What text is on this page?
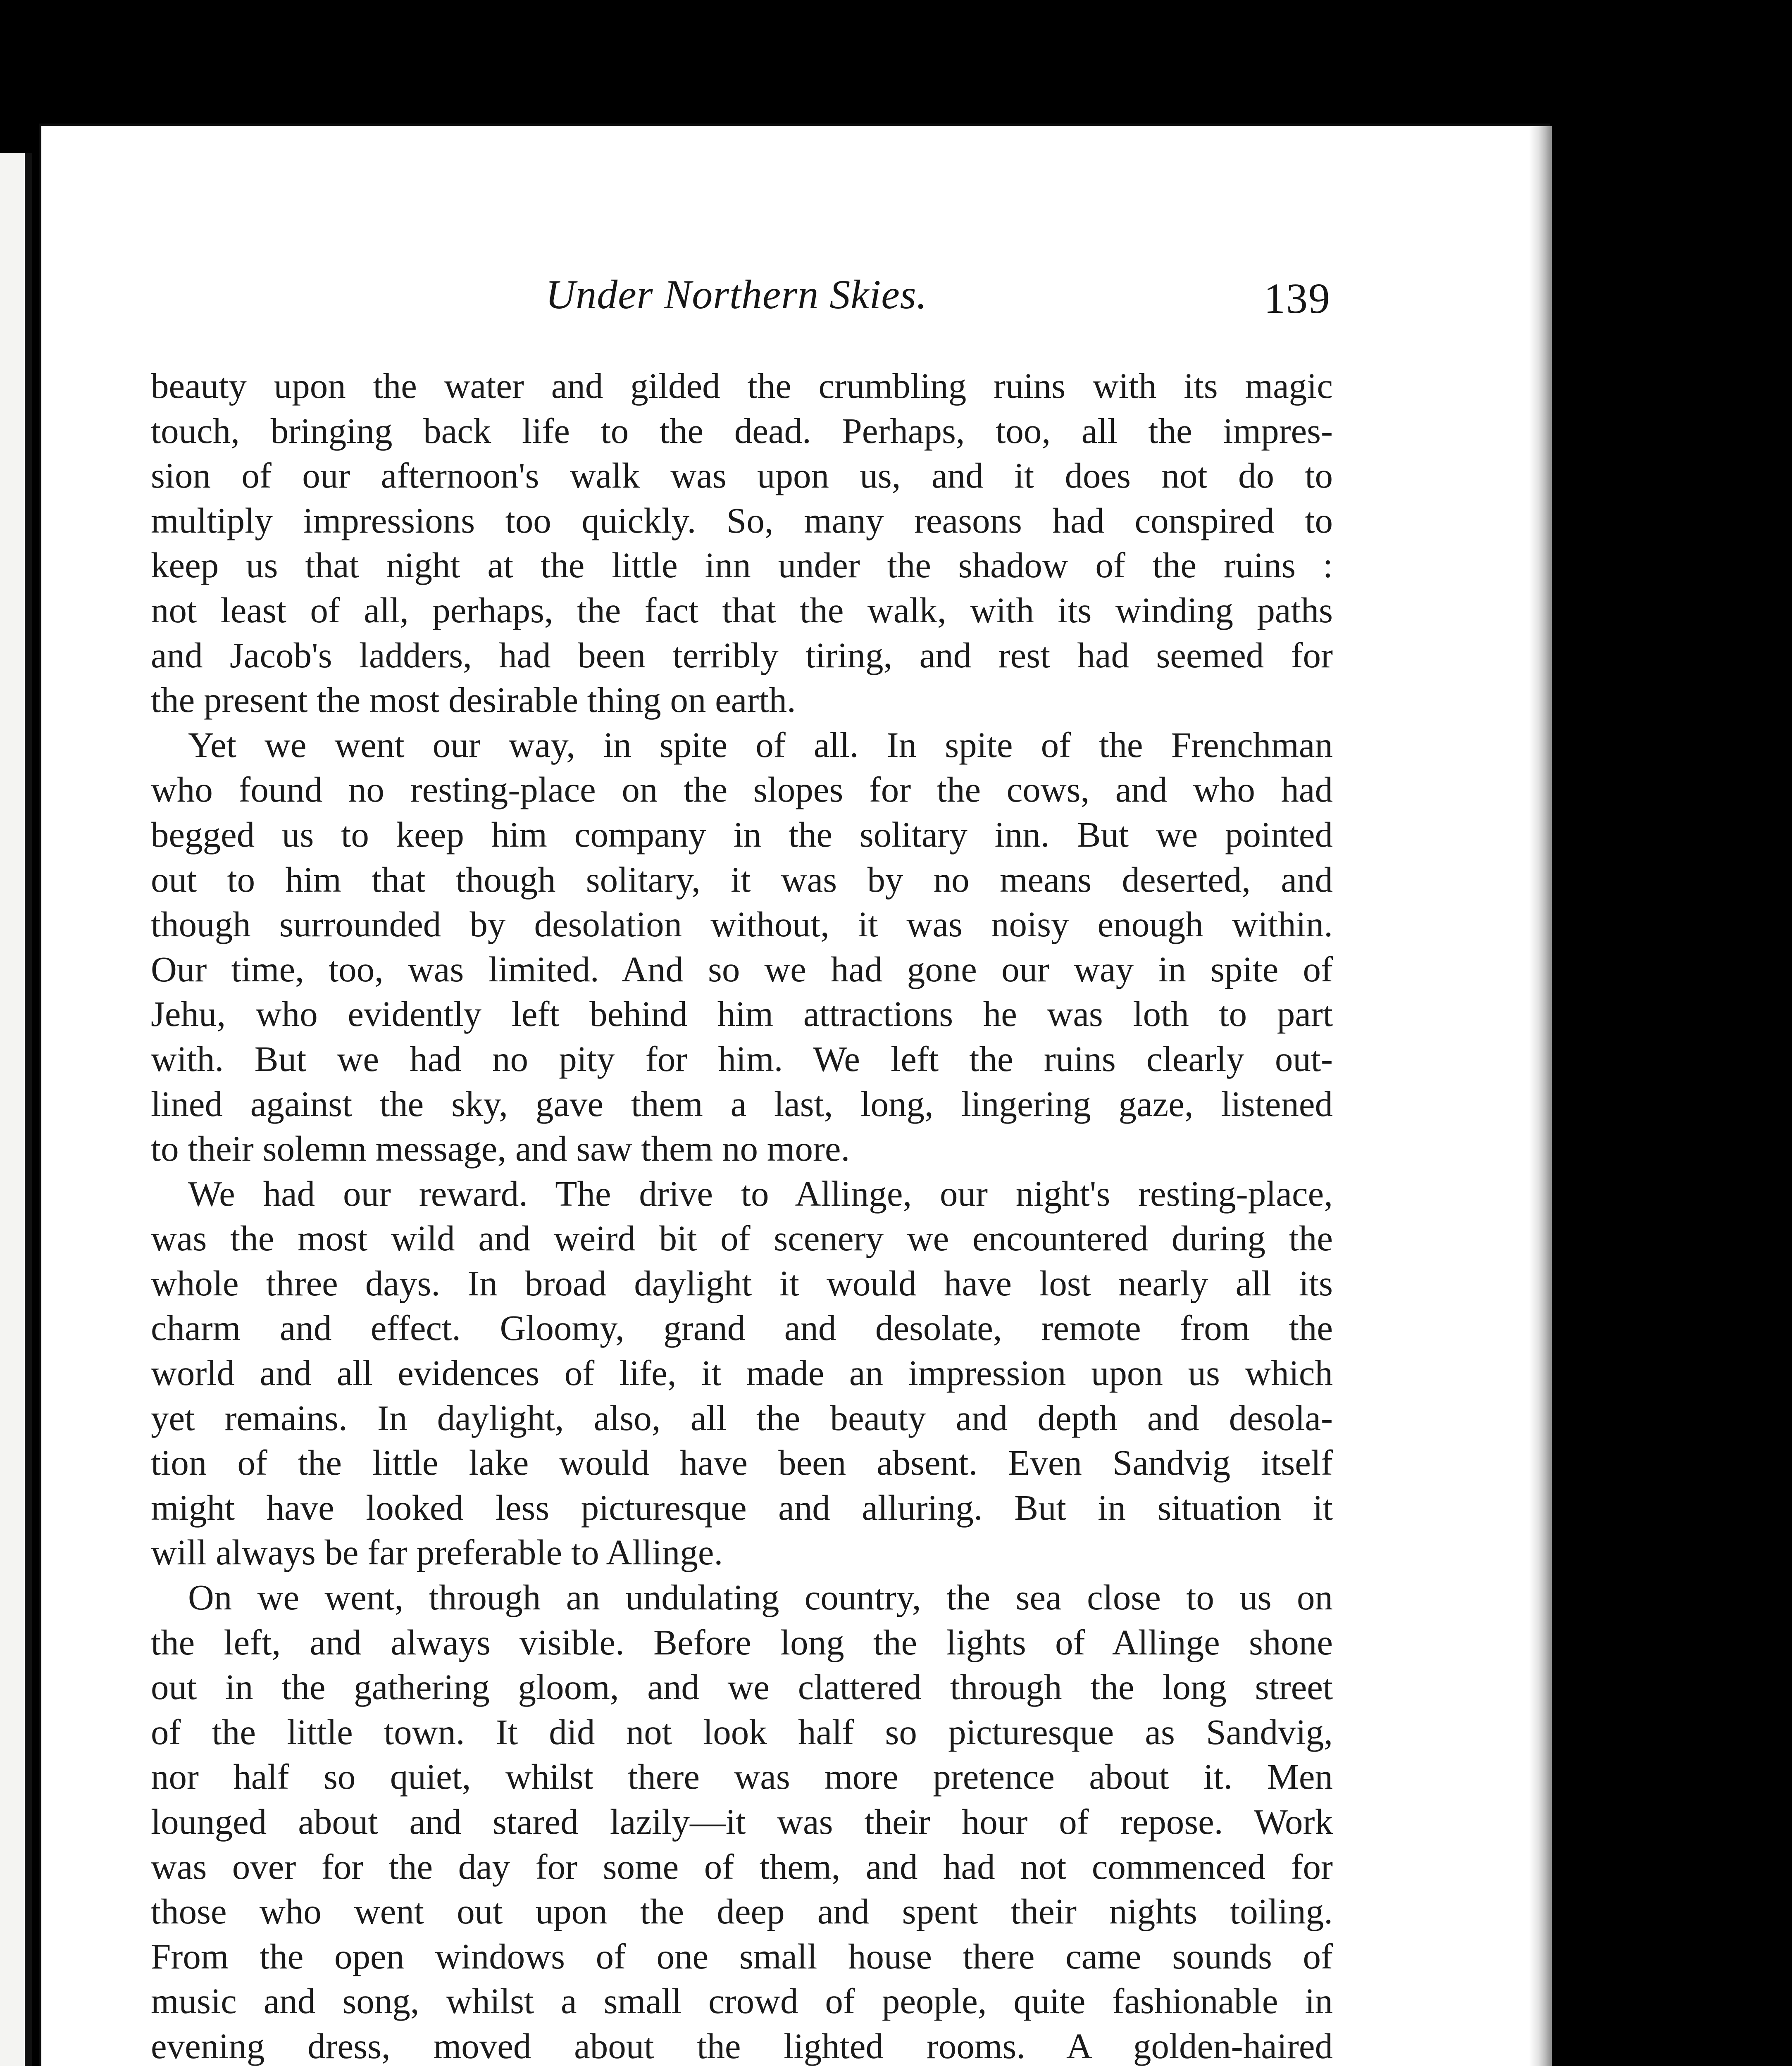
Under Northern Skies.	139
beauty upon the water and gilded the crumbling ruins with its magic
touch, bringing back life to the dead. Perhaps, too, all the impres-
sion of our afternoon's walk was upon us, and it does not do to
multiply impressions too quickly. So, many reasons had conspired to
keep us that night at the little inn under the shadow of the ruins :
not least of all, perhaps, the fact that the walk, with its winding paths
and Jacob's ladders, had been terribly tiring, and rest had seemed for
the present the most desirable thing on earth.
Yet we went our way, in spite of all. In spite of the Frenchman
who found no resting-place on the slopes for the cows, and who had
begged us to keep him company in the solitary inn. But we pointed
out to him that though solitary, it was by no means deserted, and
though surrounded by desolation without, it was noisy enough within.
Our time, too, was limited. And so we had gone our way in spite of
Jehu, who evidently left behind him attractions he was loth to part
with. But we had no pity for him. We left the ruins clearly out-
lined against the sky, gave them a last, long, lingering gaze, listened
to their solemn message, and saw them no more.
We had our reward. The drive to Allinge, our night's resting-place,
was the most wild and weird bit of scenery we encountered during the
whole three days. In broad daylight it would have lost nearly all its
charm and effect. Gloomy, grand and desolate, remote from the
world and all evidences of life, it made an impression upon us which
yet remains. In daylight, also, all the beauty and depth and desola-
tion of the little lake would have been absent. Even Sandvig itself
might have looked less picturesque and alluring. But in situation it
will always be far preferable to Allinge.
On we went, through an undulating country, the sea close to us on
the left, and always visible. Before long the lights of Allinge shone
out in the gathering gloom, and we clattered through the long street
of the little town. It did not look half so picturesque as Sandvig,
nor half so quiet, whilst there was more pretence about it. Men
lounged about and stared lazily—it was their hour of repose. Work
was over for the day for some of them, and had not commenced for
those who went out upon the deep and spent their nights toiling.
From the open windows of one small house there came sounds of
music and song, whilst a small crowd of people, quite fashionable in
evening dress, moved about the lighted rooms. A golden-haired
